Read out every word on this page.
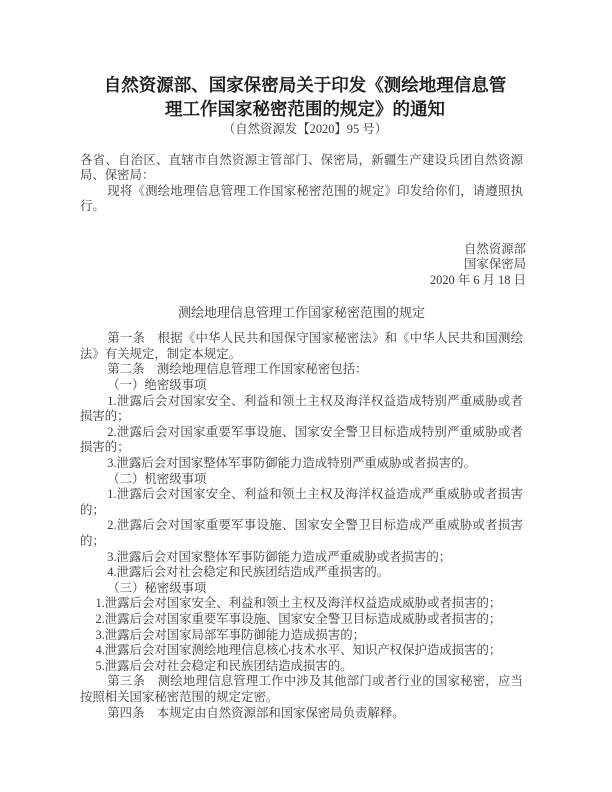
自然资源部、国家保密局关于印发《测绘地理信息管
理工作国家秘密范围的规定》的通知
（自然资源发【2020】95 号）
各省、自治区、直辖市自然资源主管部门、保密局，新疆生产建设兵团自然资源局、保密局：
现将《测绘地理信息管理工作国家秘密范围的规定》印发给你们，请遵照执行。
自然资源部
国家保密局
2020 年 6 月 18 日
测绘地理信息管理工作国家秘密范围的规定
第一条　根据《中华人民共和国保守国家秘密法》和《中华人民共和国测绘法》有关规定，制定本规定。
第二条　测绘地理信息管理工作国家秘密包括：
（一）绝密级事项
1.泄露后会对国家安全、利益和领土主权及海洋权益造成特别严重威胁或者损害的；
2.泄露后会对国家重要军事设施、国家安全警卫目标造成特别严重威胁或者损害的；
3.泄露后会对国家整体军事防御能力造成特别严重威胁或者损害的。
（二）机密级事项
1.泄露后会对国家安全、利益和领土主权及海洋权益造成严重威胁或者损害的；
2.泄露后会对国家重要军事设施、国家安全警卫目标造成严重威胁或者损害的；
3.泄露后会对国家整体军事防御能力造成严重威胁或者损害的；
4.泄露后会对社会稳定和民族团结造成严重损害的。
（三）秘密级事项
1.泄露后会对国家安全、利益和领土主权及海洋权益造成威胁或者损害的；
2.泄露后会对国家重要军事设施、国家安全警卫目标造成威胁或者损害的；
3.泄露后会对国家局部军事防御能力造成损害的；
4.泄露后会对国家测绘地理信息核心技术水平、知识产权保护造成损害的；
5.泄露后会对社会稳定和民族团结造成损害的。
第三条　测绘地理信息管理工作中涉及其他部门或者行业的国家秘密，应当按照相关国家秘密范围的规定定密。
第四条　本规定由自然资源部和国家保密局负责解释。
